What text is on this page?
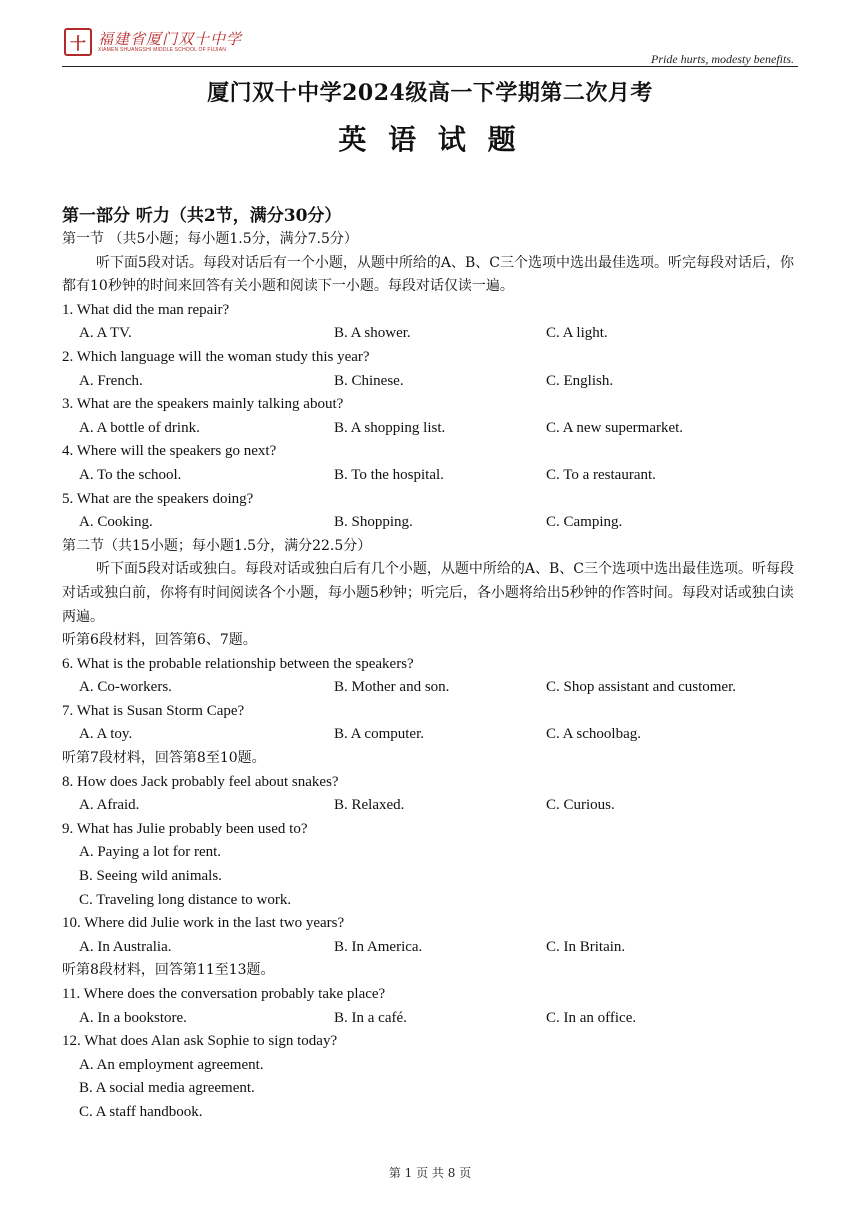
十 福建省厦门双十中学
XIAMEN SHUANGSHI MIDDLE SCHOOL OF FUJIAN
Pride hurts, modesty benefits.
厦门双十中学2024级高一下学期第二次月考
英 语 试 题
第一部分 听力（共2节，满分30分）
第一节 （共5小题；每小题1.5分，满分7.5分）
听下面5段对话。每段对话后有一个小题，从题中所给的A、B、C三个选项中选出最佳选项。听完每段对话后，你都有10秒钟的时间来回答有关小题和阅读下一小题。每段对话仅读一遍。
1. What did the man repair?
A. A TV.	B. A shower.	C. A light.
2. Which language will the woman study this year?
A. French.	B. Chinese.	C. English.
3. What are the speakers mainly talking about?
A. A bottle of drink.	B. A shopping list.	C. A new supermarket.
4. Where will the speakers go next?
A. To the school.	B. To the hospital.	C. To a restaurant.
5. What are the speakers doing?
A. Cooking.	B. Shopping.	C. Camping.
第二节（共15小题；每小题1.5分，满分22.5分）
听下面5段对话或独白。每段对话或独白后有几个小题，从题中所给的A、B、C三个选项中选出最佳选项。听每段对话或独白前，你将有时间阅读各个小题，每小题5秒钟；听完后，各小题将给出5秒钟的作答时间。每段对话或独白读两遍。
听第6段材料，回答第6、7题。
6. What is the probable relationship between the speakers?
A. Co-workers.	B. Mother and son.	C. Shop assistant and customer.
7. What is Susan Storm Cape?
A. A toy.	B. A computer.	C. A schoolbag.
听第7段材料，回答第8至10题。
8. How does Jack probably feel about snakes?
A. Afraid.	B. Relaxed.	C. Curious.
9. What has Julie probably been used to?
A. Paying a lot for rent.
B. Seeing wild animals.
C. Traveling long distance to work.
10. Where did Julie work in the last two years?
A. In Australia.	B. In America.	C. In Britain.
听第8段材料，回答第11至13题。
11. Where does the conversation probably take place?
A. In a bookstore.	B. In a café.	C. In an office.
12. What does Alan ask Sophie to sign today?
A. An employment agreement.
B. A social media agreement.
C. A staff handbook.
第 1 页 共 8 页
